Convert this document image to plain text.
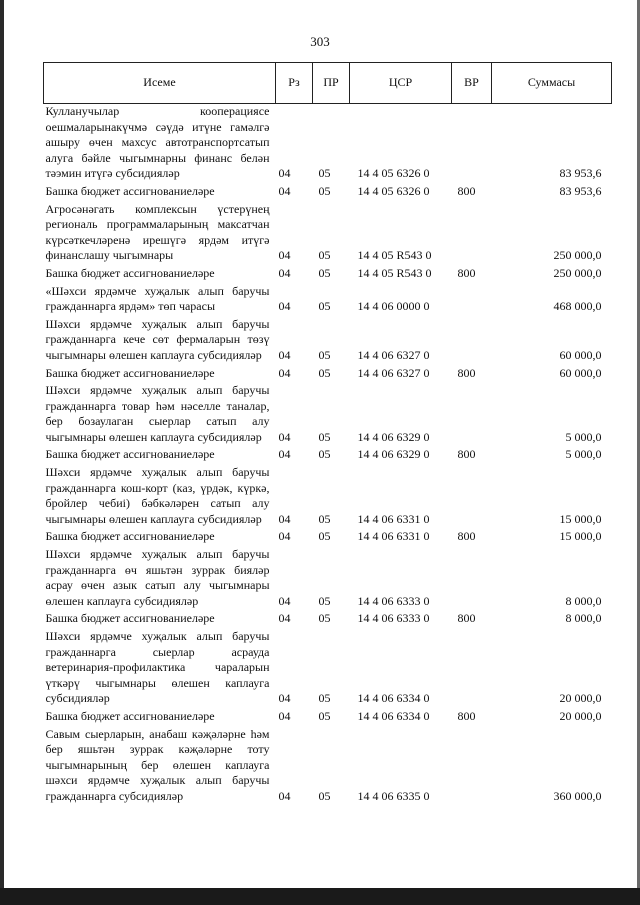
303
Исеме	Рз	ПР	ЦСР	ВР	Суммасы
Кулланучылар кооперациясе оешмаларынакүчмә сәүдә итүне гамәлгә ашыру өчен махсус автотранспортсатып алуга бәйле чыгымнарны финанс белән тәэмин итүгә субсидияләр	04	05	14 4 05 6326 0		83 953,6
Башка бюджет ассигнованиеләре	04	05	14 4 05 6326 0	800	83 953,6
Агросәнәгать комплексын үстерүнең региональ программаларының максатчан күрсәткечләренә ирешүгә ярдәм итүгә финанслашу чыгымнары	04	05	14 4 05 R543 0		250 000,0
Башка бюджет ассигнованиеләре	04	05	14 4 05 R543 0	800	250 000,0
«Шәхси ярдәмче хуҗалык алып баручы гражданнарга ярдәм» төп чарасы	04	05	14 4 06 0000 0		468 000,0
Шәхси ярдәмче хуҗалык алып баручы гражданнарга кече сөт фермаларын төзү чыгымнары өлешен каплауга субсидияләр	04	05	14 4 06 6327 0		60 000,0
Башка бюджет ассигнованиеләре	04	05	14 4 06 6327 0	800	60 000,0
Шәхси ярдәмче хуҗалык алып баручы гражданнарга товар һәм нәселле таналар, бер бозаулаган сыерлар сатып алу чыгымнары өлешен каплауга субсидияләр	04	05	14 4 06 6329 0		5 000,0
Башка бюджет ассигнованиеләре	04	05	14 4 06 6329 0	800	5 000,0
Шәхси ярдәмче хуҗалык алып баручы гражданнарга кош-корт (каз, үрдәк, күркә, бройлер чебиі) бәбкәләрен сатып алу чыгымнары өлешен каплауга субсидияләр	04	05	14 4 06 6331 0		15 000,0
Башка бюджет ассигнованиеләре	04	05	14 4 06 6331 0	800	15 000,0
Шәхси ярдәмче хуҗалык алып баручы гражданнарга өч яшьтән зуррак бияләр асрау өчен азык сатып алу чыгымнары өлешен каплауга субсидияләр	04	05	14 4 06 6333 0		8 000,0
Башка бюджет ассигнованиеләре	04	05	14 4 06 6333 0	800	8 000,0
Шәхси ярдәмче хуҗалык алып баручы гражданнарга сыерлар асрауда ветеринария-профилактика чараларын үткәрү чыгымнары өлешен каплауга субсидияләр	04	05	14 4 06 6334 0		20 000,0
Башка бюджет ассигнованиеләре	04	05	14 4 06 6334 0	800	20 000,0
Савым сыерларын, анабаш кәҗәләрне һәм бер яшьтән зуррак кәҗәләрне тоту чыгымнарының бер өлешен каплауга шәхси ярдәмче хуҗалык алып баручы гражданнарга субсидияләр	04	05	14 4 06 6335 0		360 000,0
